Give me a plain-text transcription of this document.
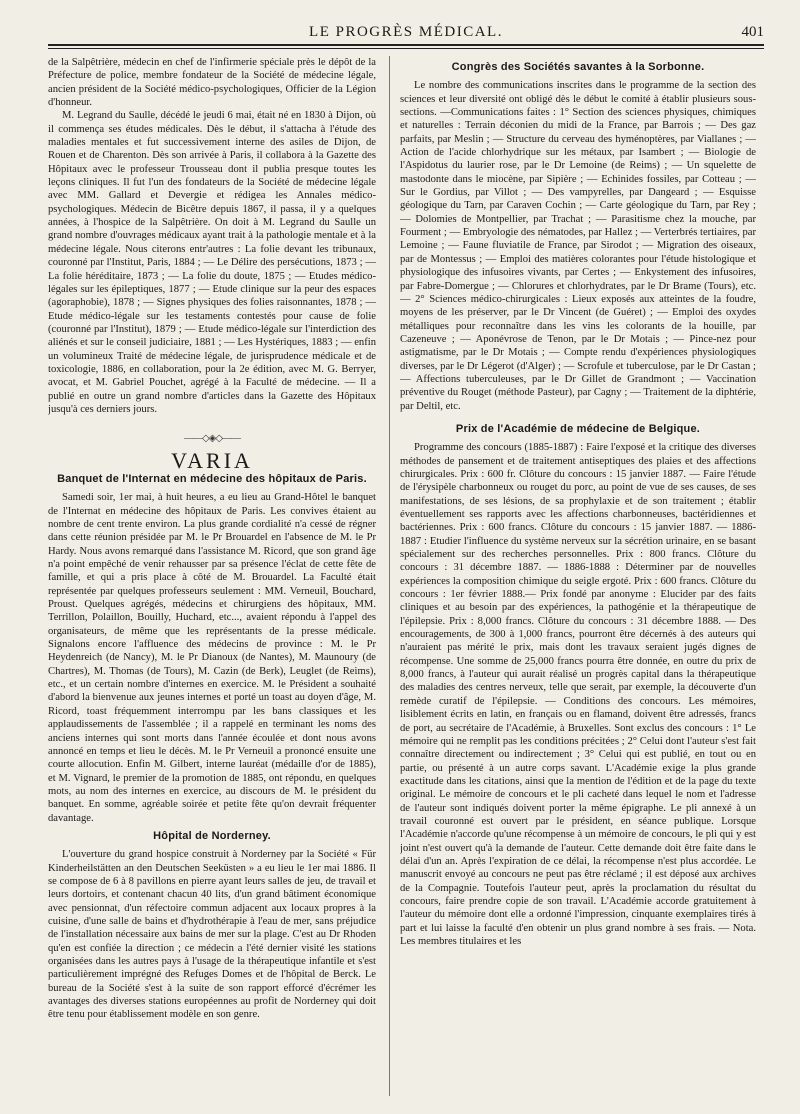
LE PROGRÈS MÉDICAL.	401

de la Salpêtrière, médecin en chef de l'infirmerie spéciale près le dépôt de la Préfecture de police, membre fondateur de la Société de médecine légale, ancien président de la Société médico-psychologiques, Officier de la Légion d'honneur.

M. Legrand du Saulle, décédé le jeudi 6 mai, était né en 1830 à Dijon, où il commença ses études médicales. Dès le début, il s'attacha à l'étude des maladies mentales et fut successivement interne des asiles de Dijon, de Rouen et de Charenton. Dès son arrivée à Paris, il collabora à la Gazette des Hôpitaux avec le professeur Trousseau dont il publia presque toutes les leçons cliniques. Il fut l'un des fondateurs de la Société de médecine légale avec MM. Gallard et Devergie et rédigea les Annales médico-psychologiques. Médecin de Bicêtre depuis 1867, il passa, il y a quelques années, à l'hospice de la Salpêtrière. On doit à M. Legrand du Saulle un grand nombre d'ouvrages médicaux ayant trait à la pathologie mentale et à la médecine légale. Nous citerons entr'autres : La folie devant les tribunaux, couronné par l'Institut, Paris, 1884 ; — Le Délire des persécutions, 1873 ; — La folie héréditaire, 1873 ; — La folie du doute, 1875 ; — Etudes médico-légales sur les épileptiques, 1877 ; — Etude clinique sur la peur des espaces (agoraphobie), 1878 ; — Signes physiques des folies raisonnantes, 1878 ; — Etude médico-légale sur les testaments contestés pour cause de folie (couronné par l'Institut), 1879 ; — Etude médico-légale sur l'interdiction des aliénés et sur le conseil judiciaire, 1881 ; — Les Hystériques, 1883 ; — enfin un volumineux Traité de médecine légale, de jurisprudence médicale et de toxicologie, 1886, en collaboration, pour la 2e édition, avec M. G. Berryer, avocat, et M. Gabriel Pouchet, agrégé à la Faculté de médecine. — Il a publié en outre un grand nombre d'articles dans la Gazette des Hôpitaux jusqu'à ces derniers jours.

——◇◈◇——
VARIA
Banquet de l'Internat en médecine des hôpitaux de Paris.

Samedi soir, 1er mai, à huit heures, a eu lieu au Grand-Hôtel le banquet de l'Internat en médecine des hôpitaux de Paris. Les convives étaient au nombre de cent trente environ. La plus grande cordialité n'a cessé de régner dans cette réunion présidée par M. le Pr Brouardel en l'absence de M. le Pr Hardy. Nous avons remarqué dans l'assistance M. Ricord, que son grand âge n'a point empêché de venir rehausser par sa présence l'éclat de cette fête de famille, et qui a pris place à côté de M. Brouardel. La Faculté était représentée par quelques professeurs seulement : MM. Verneuil, Bouchard, Proust. Quelques agrégés, médecins et chirurgiens des hôpitaux, MM. Terrillon, Polaillon, Bouilly, Huchard, etc..., avaient répondu à l'appel des organisateurs, de même que les représentants de la presse médicale. Signalons encore l'affluence des médecins de province : M. le Pr Heydenreich (de Nancy), M. le Pr Dianoux (de Nantes), M. Maunoury (de Chartres), M. Thomas (de Tours), M. Cazin (de Berk), Leuglet (de Reims), etc., et un certain nombre d'internes en exercice. M. le Président a souhaité d'abord la bienvenue aux jeunes internes et porté un toast au doyen d'âge, M. Ricord, toast fréquemment interrompu par les bans classiques et les applaudissements de l'assemblée ; il a rappelé en terminant les noms des anciens internes qui sont morts dans l'année écoulée et dont nous avons annoncé en temps et lieu le décès. M. le Pr Verneuil a prononcé ensuite une courte allocution. Enfin M. Gilbert, interne lauréat (médaille d'or de 1885), et M. Vignard, le premier de la promotion de 1885, ont répondu, en quelques mots, au nom des internes en exercice, au discours de M. le président du banquet. En somme, agréable soirée et petite fête qu'on devrait fréquenter davantage.

Hôpital de Norderney.

L'ouverture du grand hospice construit à Norderney par la Société « Für Kinderheilstätten an den Deutschen Seeküsten » a eu lieu le 1er mai 1886. Il se compose de 6 à 8 pavillons en pierre ayant leurs salles de jeu, de travail et leurs dortoirs, et contenant chacun 40 lits, d'un grand bâtiment économique avec pensionnat, d'un réfectoire commun adjacent aux locaux propres à la cuisine, d'une salle de bains et d'hydrothérapie à l'eau de mer, sans préjudice de l'installation nécessaire aux bains de mer sur la plage. C'est au Dr Rhoden qu'en est confiée la direction ; ce médecin a l'été dernier visité les stations organisées dans les autres pays à l'usage de la thérapeutique infantile et s'est particulièrement imprégné des Refuges Domes et de l'hôpital de Berck. Le bureau de la Société s'est à la suite de son rapport efforcé d'écrémer les avantages des diverses stations européennes au profit de Norderney qui doit être tenu pour établissement modèle en son genre.

Congrès des Sociétés savantes à la Sorbonne.

Le nombre des communications inscrites dans le programme de la section des sciences et leur diversité ont obligé dès le début le comité à établir plusieurs sous-sections. —Communications faites : 1° Section des sciences physiques, chimiques et naturelles : Terrain déconien du midi de la France, par Barrois ; — Des gaz parfaits, par Meslin ; — Structure du cerveau des hyménoptères, par Viallanes ; — Action de l'acide chlorhydrique sur les métaux, par Isambert ; — Biologie de l'Aspidotus du laurier rose, par le Dr Lemoine (de Reims) ; — Un squelette de mastodonte dans le miocène, par Sipière ; — Echinides fossiles, par Cotteau ; — Sur le Gordius, par Villot ; — Des vampyrelles, par Dangeard ; — Esquisse géologique du Tarn, par Caraven Cochin ; — Carte géologique du Tarn, par Rey ; — Dolomies de Montpellier, par Trachat ; — Parasitisme chez la mouche, par Fourment ; — Embryologie des nématodes, par Hallez ; — Verterbrés tertiaires, par Lemoine ; — Faune fluviatile de France, par Sirodot ; — Migration des oiseaux, par de Montessus ; — Emploi des matières colorantes pour l'étude histologique et physiologique des infusoires vivants, par Certes ; — Enkystement des infusoires, par Fabre-Domergue ; — Chlorures et chlorhydrates, par le Dr Brame (Tours), etc.— 2° Sciences médico-chirurgicales : Lieux exposés aux atteintes de la foudre, moyens de les préserver, par le Dr Vincent (de Guéret) ; — Emploi des oxydes métalliques pour reconnaître dans les vins les colorants de la houille, par Cazeneuve ; — Aponévrose de Tenon, par le Dr Motais ; — Pince-nez pour astigmatisme, par le Dr Motais ; — Compte rendu d'expériences physiologiques diverses, par le Dr Légerot (d'Alger) ; — Scrofule et tuberculose, par le Dr Castan ; — Affections tuberculeuses, par le Dr Gillet de Grandmont ; — Vaccination préventive du Rouget (méthode Pasteur), par Cagny ; — Traitement de la diphtérie, par Deltil, etc.

Prix de l'Académie de médecine de Belgique.

Programme des concours (1885-1887) : Faire l'exposé et la critique des diverses méthodes de pansement et de traitement antiseptiques des plaies et des affections chirurgicales. Prix : 600 fr. Clôture du concours : 15 janvier 1887. — Faire l'étude de l'érysipèle charbonneux ou rouget du porc, au point de vue de ses causes, de ses manifestations, de ses lésions, de sa prophylaxie et de son traitement ; établir éventuellement ses rapports avec les affections charbonneuses, bactéridiennes et bactériennes. Prix : 600 francs. Clôture du concours : 15 janvier 1887. — 1886-1887 : Etudier l'influence du système nerveux sur la sécrétion urinaire, en se basant spécialement sur des recherches personnelles. Prix : 800 francs. Clôture du concours : 31 décembre 1887. — 1886-1888 : Déterminer par de nouvelles expériences la composition chimique du seigle ergoté. Prix : 600 francs. Clôture du concours : 1er février 1888.— Prix fondé par anonyme : Elucider par des faits cliniques et au besoin par des expériences, la pathogénie et la thérapeutique de l'épilepsie. Prix : 8,000 francs. Clôture du concours : 31 décembre 1888. — Des encouragements, de 300 à 1,000 francs, pourront être décernés à des auteurs qui n'auraient pas mérité le prix, mais dont les travaux seraient jugés dignes de récompense. Une somme de 25,000 francs pourra être donnée, en outre du prix de 8,000 francs, à l'auteur qui aurait réalisé un progrès capital dans la thérapeutique des maladies des centres nerveux, telle que serait, par exemple, la découverte d'un remède curatif de l'épilepsie. — Conditions des concours. Les mémoires, lisiblement écrits en latin, en français ou en flamand, doivent être adressés, francs de port, au secrétaire de l'Académie, à Bruxelles. Sont exclus des concours : 1° Le mémoire qui ne remplit pas les conditions précitées ; 2° Celui dont l'auteur s'est fait connaître directement ou indirectement ; 3° Celui qui est publié, en tout ou en partie, ou présenté à un autre corps savant. L'Académie exige la plus grande exactitude dans les citations, ainsi que la mention de l'édition et de la page du texte original. Le mémoire de concours et le pli cacheté dans lequel le nom et l'adresse de l'auteur sont indiqués doivent porter la même épigraphe. Le pli annexé à un travail couronné est ouvert par le président, en séance publique. Lorsque l'Académie n'accorde qu'une récompense à un mémoire de concours, le pli qui y est joint n'est ouvert qu'à la demande de l'auteur. Cette demande doit être faite dans le délai d'un an. Après l'expiration de ce délai, la récompense n'est plus accordée. Le manuscrit envoyé au concours ne peut pas être réclamé ; il est déposé aux archives de la Compagnie. Toutefois l'auteur peut, après la proclamation du résultat du concours, faire prendre copie de son travail. L'Académie accorde gratuitement à l'auteur du mémoire dont elle a ordonné l'impression, cinquante exemplaires tirés à part et lui laisse la faculté d'en obtenir un plus grand nombre à ses frais. — Nota. Les membres titulaires et les
